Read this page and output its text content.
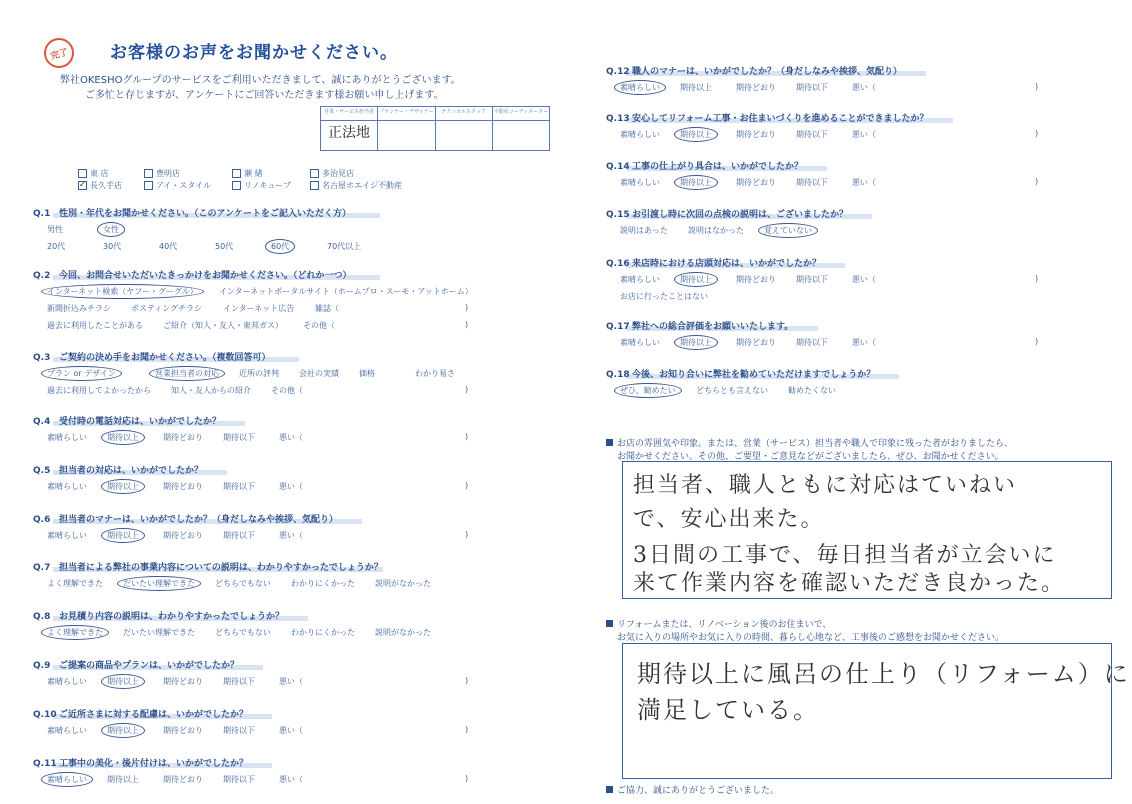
完了	お客様のお声をお聞かせください。
弊社OKESHOグループのサービスをご利用いただきまして、誠にありがとうございます。
ご多忙と存じますが、アンケートにご回答いただきます様お願い申し上げます。
営業・サービス担当者	プランナー・デザイナー	テクニカルスタッフ	不動産コーディネーター
正法地			
東 店
✓ 長久手店
豊明店
アイ・スタイル
瀬 緒
リノキューブ
多治見店
名古屋ホエイジ不動産
Q.1 性別・年代をお聞かせください。（このアンケートをご記入いただく方）
男性	女性
20代	30代	40代	50代	60代	70代以上
Q.2 今回、お問合せいただいたきっかけをお聞かせください。（どれか一つ）
インターネット検索（ヤフー・グーグル）	インターネットポータルサイト（ホームプロ・スーモ・アットホーム）
新聞折込みチラシ	ポスティングチラシ	インターネット広告	雑誌（	)
過去に利用したことがある	ご紹介（知人・友人・東邦ガス）	その他（	)
Q.3 ご契約の決め手をお聞かせください。（複数回答可）
プラン or デザイン	営業担当者の対応	近所の評判	会社の実績	価格	わかり易さ
過去に利用してよかったから	知人・友人からの紹介	その他（	)
Q.4 受付時の電話対応は、いかがでしたか？
素晴らしい	期待以上	期待どおり	期待以下	悪い（	)
Q.5 担当者の対応は、いかがでしたか？
素晴らしい	期待以上	期待どおり	期待以下	悪い（	)
Q.6 担当者のマナーは、いかがでしたか？（身だしなみや挨拶、気配り）
素晴らしい	期待以上	期待どおり	期待以下	悪い（	)
Q.7 担当者による弊社の事業内容についての説明は、わかりやすかったでしょうか？
よく理解できた	だいたい理解できた	どちらでもない	わかりにくかった	説明がなかった
Q.8 お見積り内容の説明は、わかりやすかったでしょうか？
よく理解できた	だいたい理解できた	どちらでもない	わかりにくかった	説明がなかった
Q.9 ご提案の商品やプランは、いかがでしたか？
素晴らしい	期待以上	期待どおり	期待以下	悪い（	)
Q.10 ご近所さまに対する配慮は、いかがでしたか？
素晴らしい	期待以上	期待どおり	期待以下	悪い（	)
Q.11 工事中の美化・後片付けは、いかがでしたか？
素晴らしい	期待以上	期待どおり	期待以下	悪い（	)
Q.12 職人のマナーは、いかがでしたか？（身だしなみや挨拶、気配り）
素晴らしい	期待以上	期待どおり	期待以下	悪い（	)
Q.13 安心してリフォーム工事・お住まいづくりを進めることができましたか？
素晴らしい	期待以上	期待どおり	期待以下	悪い（	)
Q.14 工事の仕上がり具合は、いかがでしたか？
素晴らしい	期待以上	期待どおり	期待以下	悪い（	)
Q.15 お引渡し時に次回の点検の説明は、ございましたか？
説明はあった	説明はなかった	覚えていない
Q.16 来店時における店頭対応は、いかがでしたか？
素晴らしい	期待以上	期待どおり	期待以下	悪い（	)
お店に行ったことはない
Q.17 弊社への総合評価をお願いいたします。
素晴らしい	期待以上	期待どおり	期待以下	悪い（	)
Q.18 今後、お知り合いに弊社を勧めていただけますでしょうか？
ぜひ、勧めたい	どちらとも言えない	勧めたくない
お店の雰囲気や印象。または、営業（サービス）担当者や職人で印象に残った者がおりましたら、
お聞かせください。その他、ご要望・ご意見などがございましたら、ぜひ、お聞かせください。
担当者、職人ともに対応はていねい
で、安心出来た。
3日間の工事で、毎日担当者が立会いに
来て作業内容を確認いただき良かった。
リフォームまたは、リノベーション後のお住まいで、
お気に入りの場所やお気に入りの時間、暮らし心地など、工事後のご感想をお聞かせください。
期待以上に風呂の仕上り（リフォーム）に
満足している。
ご協力、誠にありがとうございました。
